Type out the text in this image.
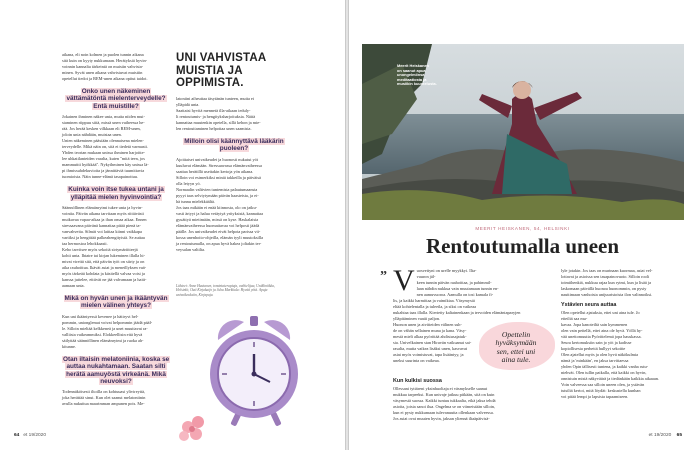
aikana, eli noin kolmen ja puolen tunnin aikana
sitä kuin on kyyty nukkumaan. Herätyksiä hyvin-
voinnin kannalta tärkeintä on muistin vahvista-
minen. Syvät unen aikana vahvistuvat muistiin
opetellut tiedot ja REM-unen aikana opitut taidot.

Onko unen näkeminen vättämätöntä mielenterveydelle? Entä muistille?

Jokainen ihminen näkee unia, mutta niiden mui-
staminen riippuu siitä, missä unen vaiheessa he-
rää. Jos herää kesken vilkkaan eli REM-unen,
joloin unia nähdään, muistaa unen.
Unien näkeminen pääsiään olennaisena mielen-
terveydelle. Mikä näin on, sitä ei tiedetä varmasti.
Yhden teorian mukaan unissa ihminen harjoitte-
lee uhkatilanteiden varalta, kuten "mitä teen, jos
mammuttti hyökkää". Nykyihminen käy unissa lä-
pi ihmissuhdekuvioita ja jännittäviä tuumittavia
tuomioista. Näin tunne-elämä tasapainottuu.

Kuinka voin itse tukea untani ja ylläpitää mielen hyvinvointia?

Säännöllinen elämänrytmi tukee unta ja hyvin-
vointia. Päivän aikana tarvitaan myös riittävästi
muikavaa vapaa-aikaa ja ihan omaa aikaa. Ennen
stressaavana päivänä kannattaa pitää pienä ta-
vanvahveita. Silmät voi laittaa kiinni vaikkapa
vartiksi ja hengittää palkeahengityistä. Se auttaa
taa hermostoa lehokkaasti.
Keho tarvitsee myös sekoitä sirtymäriitteejä
kohti unta. Ihtatre tai kirjan lukeminen illalla hi-
mtvat vireitä sitä, että päivän työt on siirty ja on
aika rauhoittua. Ikävät asiat ja meneillyksen vaä-
myös tärkeää kohdata ja käsitellä valvaa voisi ja
kanssa juttelee, eittivät ne jää valvamaan ja haitt-
aamaan unta.

Mikä on hyvän unen ja ikääntyvän mielen välinen yhteys?

Kun uni ikääntyessä kevenee ja hätiryvt hel-
pommin, unionglemat voivat helpommin jäädä pääl-
le. Silloin mieltää kelkkeneä ja unet muuttavat ra-
valliista vaikeammiksi. Elokkeellisin eitä hyvä
säilyttää säännöllinen elämänrytmi ja ruoka ah-
kitunne.

Otan iltaisin melatoniinia, koska se auttaa nukahtamaan. Saatan silti herätä aamuyöstä virkeänä. Mikä neuvoksi?

Todennäköisesti iltoilla on kohtuuasi ylivireyttä,
joka herättää sinut. Kun olet saanut melatoniinin
avulla nukuttua maarimman ampunen pois. Me-

UNI VAHVISTAA
MUISTIA JA
OPPIMISTA.

latoniini aiheuttaa täsytänän tunteen, mutta ei
ylläpidä unta.
Saattaisi hyvitä mennetä illa-aikaan ieduly-
li rentoutumis- ja hengityksharjoituksia. Näitä
kannattaa muutenkin opetella, sillä kehon ja mie-
len rentouttaminen helpottaa unen saamista.

Milloin olisi käännyttävä lääkärin puoleen?

Ajoittaiset univaikeudet ja huonosti nukutut yöt
kuuluvat elämään. Stressaavassa elämänvaiheessa
saattaa herätillä useitakin kertoja yön aikana.
Silloin voi esimerkiksi miniä takkeilla ja päiväisä
olla letyyn yö.
Normaalin valtivien tuntemista palautumaansta
pyyyt taas selviytymään päivän haasteista, ja ei-
hä tunnu mielekkäältä.
Jos taas mikään ei enää kiinnosta, olo on jatku-
vasti ärtyyt ja halua vetäytyä yrityksistä, kannattaa
gyuättyä mietimään, missä on kyse. Haskalaisia
elämänvaiheessa huomattavaa voi helposti jäädä
päälle. Jos univaikeudet eivät helpota parissa vii-
kossa unenhoito-ohjeilla, elämän tyyli muutoksilla
ja rentoutumalla, on apua hyvä hakea joltakin ter-
veysalan valtilta.

Lähteet: Anne Huutanen, tomintaterapiuja, vaihtelijaa, Unikliniikka, Helsinki; Outi Kirjakaijo ja Juha Markkula: Hyvää yötä. Apuja univaikeuksiin, Kirjapaja.
64 et 19/2020
Meerit Heiskanen
on saanut apua
unongelmiinsa
meditaatiosta ja
musiikin kuuntelusta.
MEERIT HEISKANEN, 54, HELSINKI
Rentoutumalla uneen
” Vuosvettyni on urelle myykkyi. Ilta-
vauron jäl-
keen tunnin päivän raahoittaa, ja pahimmil-
laan nähdin nukkua vain muutamaan tunnin en-
nen aamuvuoroa. Aamulla on tosi kamala fi-
lis, ja kaikki harmittaa ja vaimiktaa. Väsymystä
eltää kohtelentalla ja tuleeila, ja siksi on vaikeaa
nukahtaa taas illalla. Kiertetty kaltainenkaan ja tervoiden elämäntaparyjen
ylläpitäminen vaatii paljon.
Huonon unen ja aivitteiden välinen suh-
de on vähän sellainen muna ja kana. Väsy-
mestä mieli alkaa pyörittää ahdistusajatuk-
sia. Univelkainen stan Hiravän vaikuanut sai-
rasalta, mutta vaikea lisäksi unen, kasvavat
asiat myös voimistuvat, tapa lisääntyy, ja
uneksi suurinta on vaikeaa.

Opettelin
hyväksymään
sen, ettei uni
aina tule.
Kun kulkisi suossa

Ollessani tyttäreni yksinhuoltaja ei väsmykselle saanut
mukkua tarpeeksi. Kun univaje jatkuu pitkään, sitä on kuin
väsymestä suossa. Kaikki tuntuu tukkaalta, eikä jaksa tehdä
asioita, joista sanoi ilua. Ongelma se on viimeistään silloin,
kun ei pysty nukkumaan tulevanuutta ollenkaan valveessa.
Jos asiat ovat muuten hyvin, jaksan yliennä iltaäpäivisä-

lyle jotakin. Jos taas on murinaan kuormaa, asiat vel-
lottavat ja asioissa sen tasapainovuoto. Silloin rooli
toimiihenkiä, nukkuu rajaa kun rytmi, kun ja lisää ja
laskomaan päivällä huonoa huonommin, on pysty
nauttimaan vanhoista unijuuristoista ilon valinnoiksi.

Ystävien seura auttaa

Olen opetellut ajatuksia, ettei uni aina tule. Jo
etteiltä saa mu-
kavaa. Jopa kanoteiltä sain kymmenen
olen vain peitellä, ettei aina ole hyvä. Yöllä hy-
vää unettomuutta Pyörittelemä jopa hauskassa.
Seura kertomuksiin sain jo yöt ja kadisse
kopiollisesta perhettä hullyyt sekoitte
Olen ajatellut myös ja olen hyvä näkökulmia
nämä ja 'minkään', en jaksa tarvittaessa
yhden Opin tällisesti tuntena, ja kaikki vanha rutu-
niehvät. Olen tullin paikalla, että kaikki on hyvin,
onnistuin mistä näkyväärä ja tiedänkään kaikkia aikaaan.
Voin valveessa saa silloin uneen olen, ja ystävän
tutsiltä kertoi, mitä löydät: keskustella kunhan
voi pitää lempi ja lapsista tapaamiseen.

et 19/2020 65
